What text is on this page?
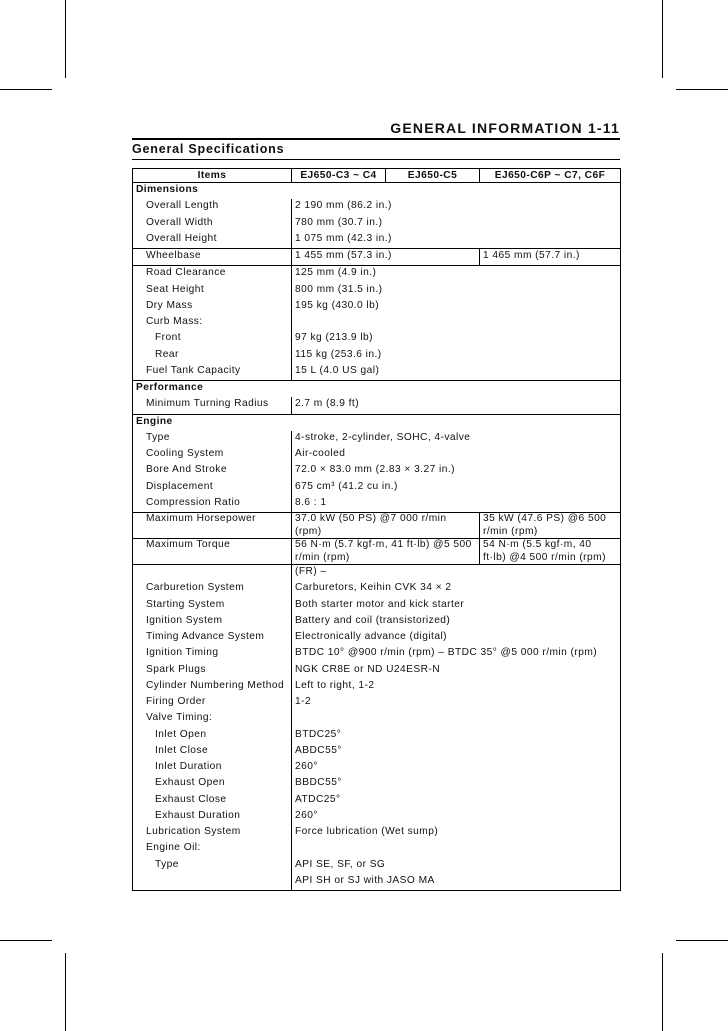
GENERAL INFORMATION 1-11
General Specifications
Items	EJ650-C3 ~ C4	EJ650-C5	EJ650-C6P ~ C7, C6F
Dimensions			
Overall Length	2 190 mm (86.2 in.)		
Overall Width	780 mm (30.7 in.)		
Overall Height	1 075 mm (42.3 in.)		
Wheelbase	1 455 mm (57.3 in.)		1 465 mm (57.7 in.)
Road Clearance	125 mm (4.9 in.)		
Seat Height	800 mm (31.5 in.)		
Dry Mass	195 kg (430.0 lb)		
Curb Mass:			
Front	97 kg (213.9 lb)		
Rear	115 kg (253.6 in.)		
Fuel Tank Capacity	15 L (4.0 US gal)		
Performance			
Minimum Turning Radius	2.7 m (8.9 ft)		
Engine			
Type	4-stroke, 2-cylinder, SOHC, 4-valve		
Cooling System	Air-cooled		
Bore And Stroke	72.0 × 83.0 mm (2.83 × 3.27 in.)		
Displacement	675 cm³ (41.2 cu in.)		
Compression Ratio	8.6 : 1		
Maximum Horsepower	37.0 kW (50 PS) @7 000 r/min (rpm)		35 kW (47.6 PS) @6 500 r/min (rpm)
Maximum Torque	56 N·m (5.7 kgf·m, 41 ft·lb) @5 500 r/min (rpm)		54 N·m (5.5 kgf·m, 40 ft·lb) @4 500 r/min (rpm)
	(FR) –		
Carburetion System	Carburetors, Keihin CVK 34 × 2		
Starting System	Both starter motor and kick starter		
Ignition System	Battery and coil (transistorized)		
Timing Advance System	Electronically advance (digital)		
Ignition Timing	BTDC 10° @900 r/min (rpm) – BTDC 35° @5 000 r/min (rpm)		
Spark Plugs	NGK CR8E or ND U24ESR-N		
Cylinder Numbering Method	Left to right, 1-2		
Firing Order	1-2		
Valve Timing:			
Inlet Open	BTDC25°		
Inlet Close	ABDC55°		
Inlet Duration	260°		
Exhaust Open	BBDC55°		
Exhaust Close	ATDC25°		
Exhaust Duration	260°		
Lubrication System	Force lubrication (Wet sump)		
Engine Oil:			
Type	API SE, SF, or SG		
	API SH or SJ with JASO MA		
